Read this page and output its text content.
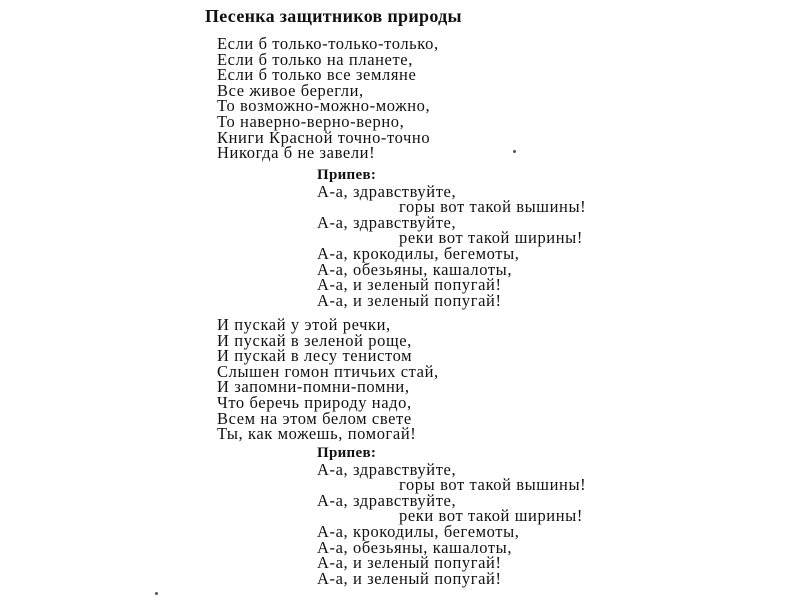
Песенка защитников природы
Если б только-только-только,
Если б только на планете,
Если б только все земляне
Все живое берегли,
То возможно-можно-можно,
То наверно-верно-верно,
Книги Красной точно-точно
Никогда б не завели!
Припев:
А-а, здравствуйте,
горы вот такой вышины!
А-а, здравствуйте,
реки вот такой ширины!
А-а, крокодилы, бегемоты,
А-а, обезьяны, кашалоты,
А-а, и зеленый попугай!
А-а, и зеленый попугай!
И пускай у этой речки,
И пускай в зеленой роще,
И пускай в лесу тенистом
Слышен гомон птичьих стай,
И запомни-помни-помни,
Что беречь природу надо,
Всем на этом белом свете
Ты, как можешь, помогай!
Припев:
А-а, здравствуйте,
горы вот такой вышины!
А-а, здравствуйте,
реки вот такой ширины!
А-а, крокодилы, бегемоты,
А-а, обезьяны, кашалоты,
А-а, и зеленый попугай!
А-а, и зеленый попугай!
